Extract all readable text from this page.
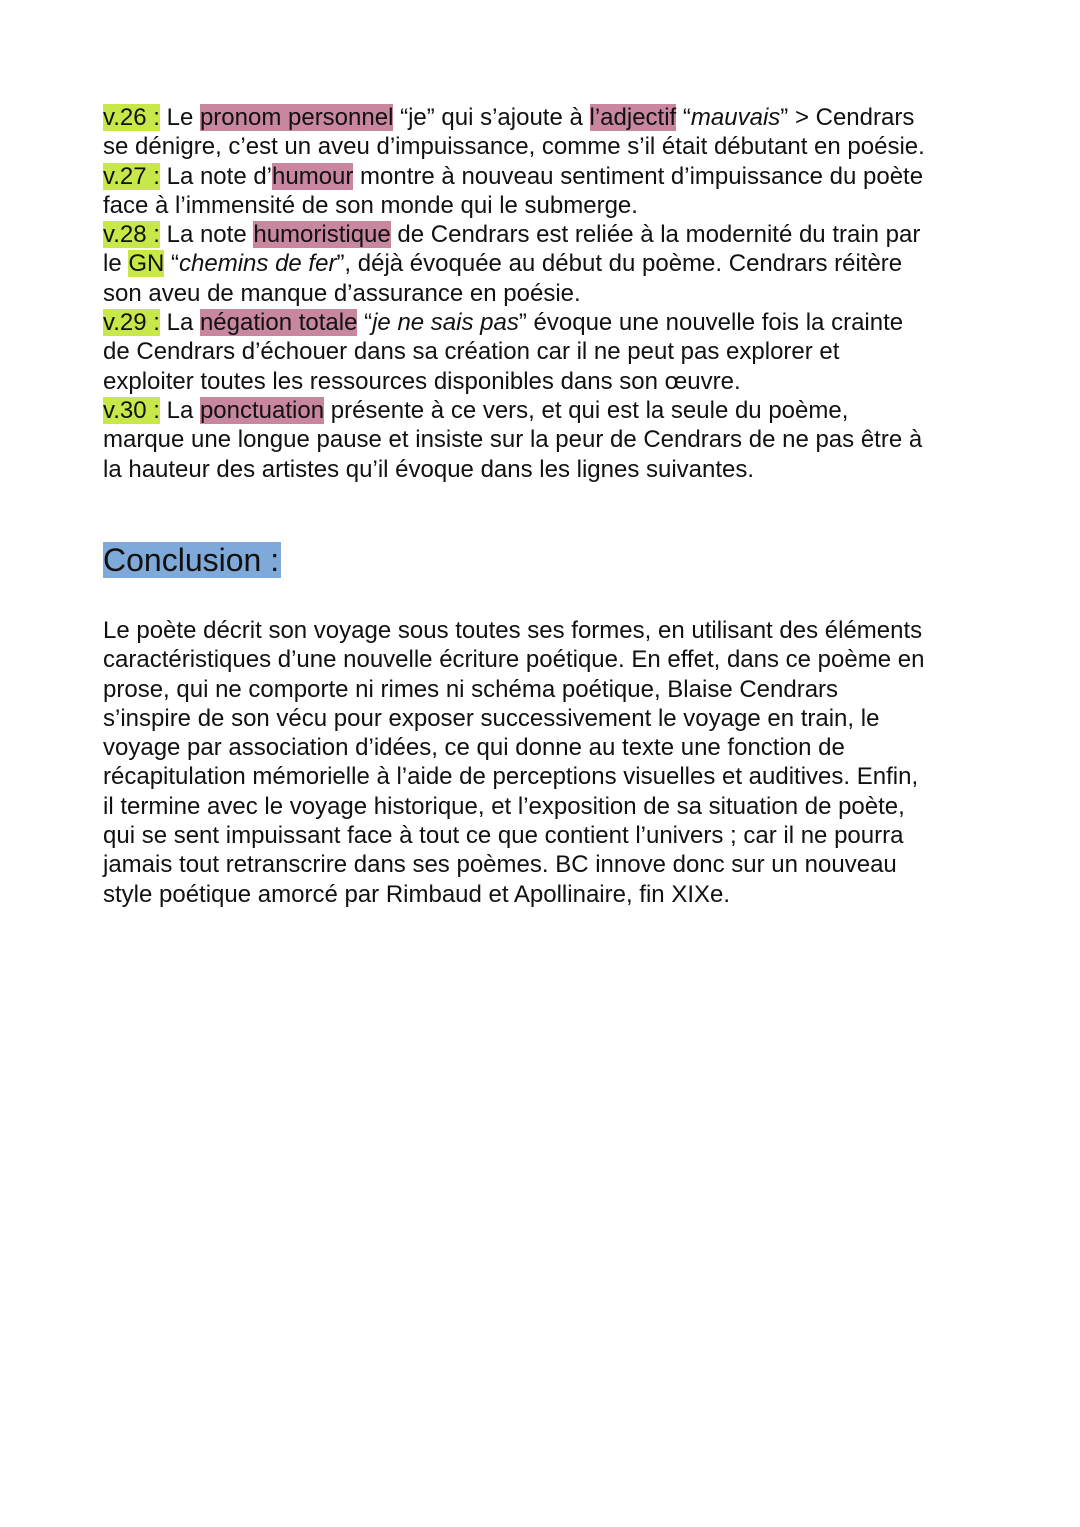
v.26 : Le pronom personnel “je” qui s’ajoute à l’adjectif “mauvais” > Cendrars
se dénigre, c’est un aveu d’impuissance, comme s’il était débutant en poésie.
v.27 : La note d’humour montre à nouveau sentiment d’impuissance du poète
face à l’immensité de son monde qui le submerge.
v.28 : La note humoristique de Cendrars est reliée à la modernité du train par
le GN “chemins de fer”, déjà évoquée au début du poème. Cendrars réitère
son aveu de manque d’assurance en poésie.
v.29 : La négation totale “je ne sais pas” évoque une nouvelle fois la crainte
de Cendrars d’échouer dans sa création car il ne peut pas explorer et
exploiter toutes les ressources disponibles dans son œuvre.
v.30 : La ponctuation présente à ce vers, et qui est la seule du poème,
marque une longue pause et insiste sur la peur de Cendrars de ne pas être à
la hauteur des artistes qu’il évoque dans les lignes suivantes.
Conclusion :
Le poète décrit son voyage sous toutes ses formes, en utilisant des éléments
caractéristiques d’une nouvelle écriture poétique. En effet, dans ce poème en
prose, qui ne comporte ni rimes ni schéma poétique, Blaise Cendrars
s’inspire de son vécu pour exposer successivement le voyage en train, le
voyage par association d’idées, ce qui donne au texte une fonction de
récapitulation mémorielle à l’aide de perceptions visuelles et auditives. Enfin,
il termine avec le voyage historique, et l’exposition de sa situation de poète,
qui se sent impuissant face à tout ce que contient l’univers ; car il ne pourra
jamais tout retranscrire dans ses poèmes. BC innove donc sur un nouveau
style poétique amorcé par Rimbaud et Apollinaire, fin XIXe.
